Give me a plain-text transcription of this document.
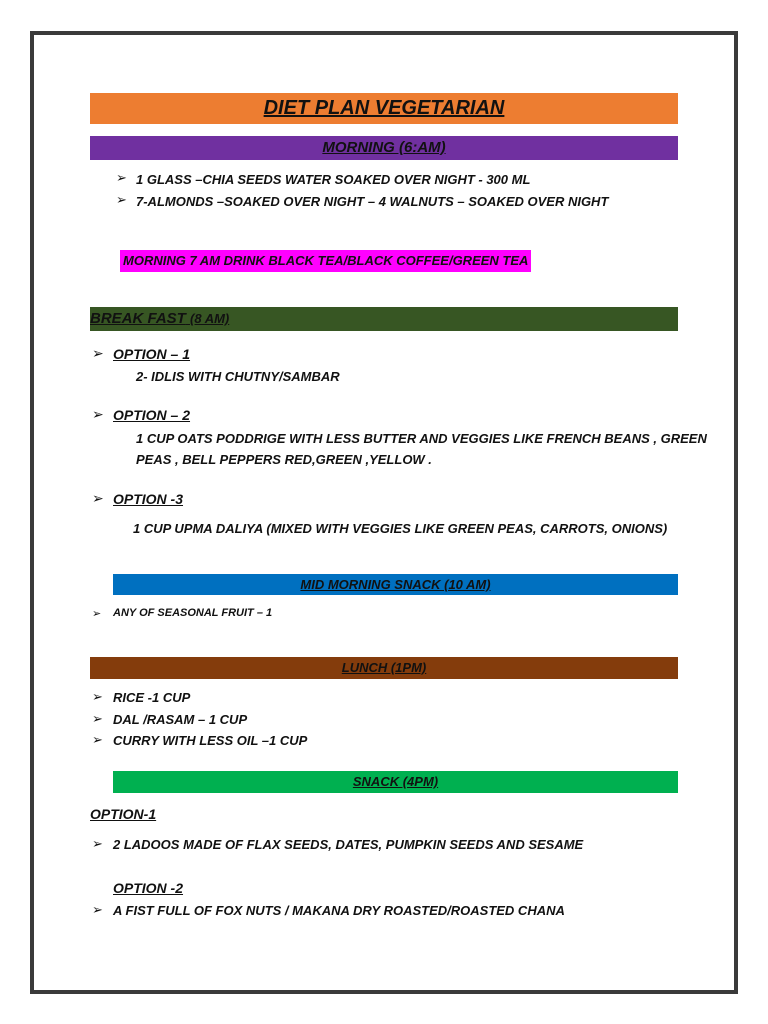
DIET PLAN VEGETARIAN
MORNING (6:AM)
➢ 1 GLASS –CHIA SEEDS WATER SOAKED OVER NIGHT - 300 ML
➢ 7-ALMONDS –SOAKED OVER NIGHT – 4 WALNUTS – SOAKED OVER NIGHT
MORNING 7 AM DRINK BLACK TEA/BLACK COFFEE/GREEN TEA
BREAK FAST (8 AM)
➢ OPTION – 1
2- IDLIS WITH CHUTNY/SAMBAR
➢ OPTION – 2
1 CUP OATS PODDRIGE WITH LESS BUTTER AND VEGGIES LIKE FRENCH BEANS , GREEN
PEAS , BELL PEPPERS RED,GREEN ,YELLOW .
➢ OPTION -3
1 CUP UPMA DALIYA (MIXED WITH VEGGIES LIKE GREEN PEAS, CARROTS, ONIONS)
MID MORNING SNACK (10 AM)
➢ ANY OF SEASONAL FRUIT – 1
LUNCH (1PM)
➢ RICE -1 CUP
➢ DAL /RASAM – 1 CUP
➢ CURRY WITH LESS OIL –1 CUP
SNACK (4PM)
OPTION-1
➢ 2 LADOOS MADE OF FLAX SEEDS, DATES, PUMPKIN SEEDS AND SESAME
OPTION -2
➢ A FIST FULL OF FOX NUTS / MAKANA DRY ROASTED/ROASTED CHANA
